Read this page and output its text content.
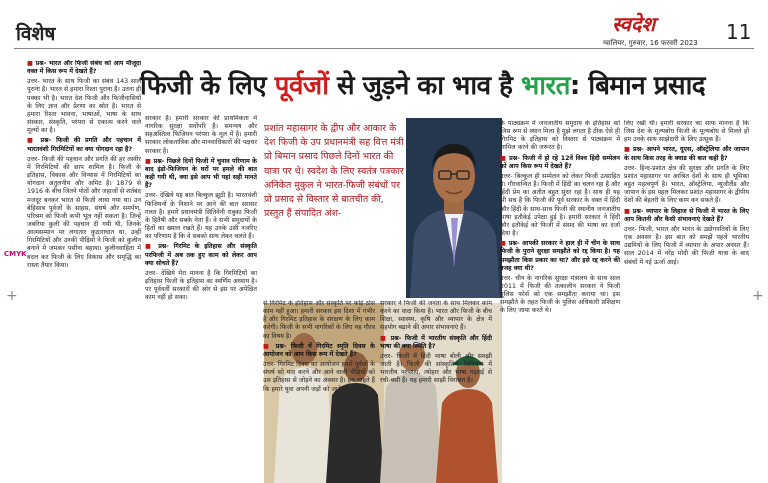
विशेष	स्वदेश
ग्वालियर, गुरुवार, 16 फरवरी 2023 11
CMYK
+	+
फिजी के लिए पूर्वजों से जुड़ने का भाव है भारत: बिमान प्रसाद
■ प्रश्न- भारत और फिजी संबंध को आप मौजूदा वक्त में किस रूप में देखते हैं?
उत्तर- भारत के साथ फिजी का संबंध 143 साल पुराना है। भारत से हमारा रिश्ता पुराना है। उतना ही पक्का भी है। भारत देश फिजी और फिजीवासियों के लिए ज्ञान और प्रेरणा का स्रोत है। भारत से हमारा रिश्ता भावना, भाषाओं, भाषा के साथ संस्कार, संस्कृति, परंपरा से एकात्म करने वाले मूल्यों का है।
■ प्रश्न- फिजी की प्रगति और पहचान में भारतवंशी गिरमिटियों का क्या योगदान रहा है?
उत्तर- फिजी की पहचान और प्रगति की हर तस्वीर में गिरमिटियों की छाप शामिल है। फिजी के इतिहास, विकास और विन्यास में गिरमिटियों का योगदान अतुलनीय और अमिट है। 1879 से 1916 के बीच जितने पोतों और जहाजों से शर्तबंद मजदूर बनकर भारत से फिजी लाया गया था। उन बेहिसाब पूर्वजों के साहस, संघर्ष और समर्पण, परिश्रम को फिजी कभी भूल नहीं सकता है। जिन्हें जबरिया कुली की पहचान दी गयी थी, जिनके आत्मसम्मान पर लगातार कुठाराघात था, उन्हीं गिरमिटियों और उनकी पीढ़ियों ने फिजी को कुलीन बनाने में जमकर पसीना बहाया। कुलीनवाहिता में बदल कर फिजी के लिए विकास और समृद्धि का रास्ता तैयार किया।
सरकार है। हमारी सरकार की प्राथमिकता में नागरिक सुरक्षा सर्वोपरि है। समन्वय और सहअस्तित्व फिजियन परंपरा के मूल में है। हमारी सरकार लोकतांत्रिक और मानवाधिकारों की पक्षधर सरकार है।
■ प्रश्न- पिछले दिनों फिजी में चुनाव परिणाम के बाद इंडो-फिजियन के घरों पर हमले की बात कही गयी थी, क्या इसे आप भी यहां सही मानते हैं?
उत्तर- देखिये यह बात बिल्कुल झूठी है। भारतवंशी फिजियनों के निशाने पर आने की बात सरासर गलत है। हमारे प्रधानमंत्री सितिवेनी राबुका फिजी के हितैषी और सबके नेता हैं। वे सभी समुदायों के हितों का ख्याल रखते हैं। यह उनके उसी नजरिए का परिणाम है कि वे सबको साथ लेकर चलते हैं।
■ प्रश्न- गिरमिट के इतिहास और संस्कृति परफिजी में अब तक हुए काम को लेकर आप क्या सोचते हैं?
उत्तर- देखिये मेरा मानना है कि गिरमिटियों का इतिहास फिजी के इतिहास का स्वर्णिम अध्याय है। पर पूर्ववर्ती सरकारों की ओर से इस पर अपेक्षित काम नहीं हो सका।
प्रशांत महासागर के द्वीप और आकार के देश फिजी के उप प्रधानमंत्री सह वित्त मंत्री प्रो बिमान प्रसाद पिछले दिनों भारत की यात्रा पर थे। स्वदेश के लिए स्वतंत्र पत्रकार अनिकेत मुकुल ने भारत-फिजी संबंधों पर प्रो प्रसाद से विस्तार से बातचीत की, प्रस्तुत हैं संपादित अंश-
से गिरमिट के इतिहास और संस्कृति पर कोई ठोस काम नहीं हुआ। हमारी सरकार इस दिशा में गंभीर है और गिरमिट इतिहास के संरक्षण के लिए काम करेगी। फिजी के सभी नागरिकों के लिए यह गौरव का विषय है।
■ प्रश्न- फिजी में गिरमिट स्मृति दिवस के आयोजन को आप किस रूप में देखते हैं?
उत्तर- गिरमिट दिवस का आयोजन हमारे पूर्वजों के संघर्ष को याद करने और आने वाली पीढ़ियों को उस इतिहास से जोड़ने का अवसर है। हम चाहते हैं कि हमारे युवा अपनी जड़ों को जानें।
सरकार ने फिजी की जनता के साथ मिलकर काम करने का वादा किया है। भारत और फिजी के बीच शिक्षा, स्वास्थ्य, कृषि और व्यापार के क्षेत्र में सहयोग बढ़ाने की अपार संभावनाएं हैं।
■ प्रश्न- फिजी में भारतीय संस्कृति और हिंदी भाषा की क्या स्थिति है?
उत्तर- फिजी में हिंदी भाषा बोली और समझी जाती है। फिजी की सांस्कृतिक विविधता में भारतीय परंपराएं, त्योहार और भाषा गहराई से रची-बसी हैं। यह हमारी साझी विरासत है।
के पाठ्यक्रम में जनजातीय समुदाय के इतिहास को जिस रूप से स्थान मिला है मुझे लगता है ठीक ऐसे ही गिरमिट के इतिहास को विस्तार से पाठ्यक्रम में शामिल करने की जरूरत है।
■ प्रश्न- फिजी में हो रहे 12वें विश्व हिंदी सम्मेलन को आप किस रूप में देखते हैं?
उत्तर- बिल्कुल ही सम्मेलन को लेकर फिजी उत्साहित है। गौरवान्वित है। फिजी में हिंदी का चलन रहा है और हिंदी प्रेम का अतीत बहुत सुंदर रहा है। साथ ही यह भी सच है कि फिजी की पूर्व सरकार के वक्त में हिंदी और हिंदी के साथ-साथ फिजी की स्थानीय जनजातीय भाषा इतौकेई उपेक्षा हुई है। हमारी सरकार ने हिंदी और इतौकेई को फिजी में संसद की भाषा का दर्जा दिया है।
■ प्रश्न- आपकी सरकार ने हाल ही में चीन के साथ फिजी के पुराने सुरक्षा समझौते को रद्द किया है। यह समझौता किस प्रकार का था? और इसे रद्द करने की वजह क्या थी?
उत्तर- चीन के नागरिक सुरक्षा मंत्रालय के साथ साल 2011 में फिजी की तत्कालीन सरकार ने फिजी पुलिस फोर्स को एक समझौता कराया था। इस समझौते के तहत फिजी के पुलिस अधिकारी प्रशिक्षण के लिए जाया करते थे।
लिए रखी थीं। हमारी सरकार का साफ मानना है कि जिस देश के मूल्यबोध फिजी के मूल्यबोध से मिलते हों हम उनके साथ साझेदारी के लिए उत्सुक हैं।
■ प्रश्न- आपने भारत, यूएस, ऑस्ट्रेलिया और जापान के साथ किस तरह के क्वाड की बात कही है?
उत्तर- हिन्द-प्रशांत क्षेत्र की सुरक्षा और प्रगति के लिए प्रशांत महासागर पर आश्रित देशों के साथ ही भूमिका बहुत महत्वपूर्ण है। भारत, ऑस्ट्रेलिया, न्यूजीलैंड और जापान के इस पहल मिलकर प्रशांत महासागर के द्वीपीय देशों की बेहतरी के लिए काम कर सकते हैं।
■ प्रश्न- व्यापार के लिहाज से फिजी में भारत के लिए आप कितनी और कैसी संभावनाएं देखते हैं?
उत्तर- फिजी, भारत और भारत के उद्योगपतियों के लिए एक अवसर है। इस बात को समझें पहले भारतीय उद्यमियों के लिए फिजी में व्यापार के अपार अवसर हैं। साल 2014 में नरेंद्र मोदी की फिजी यात्रा के बाद संबंधों में नई ऊर्जा आई।
